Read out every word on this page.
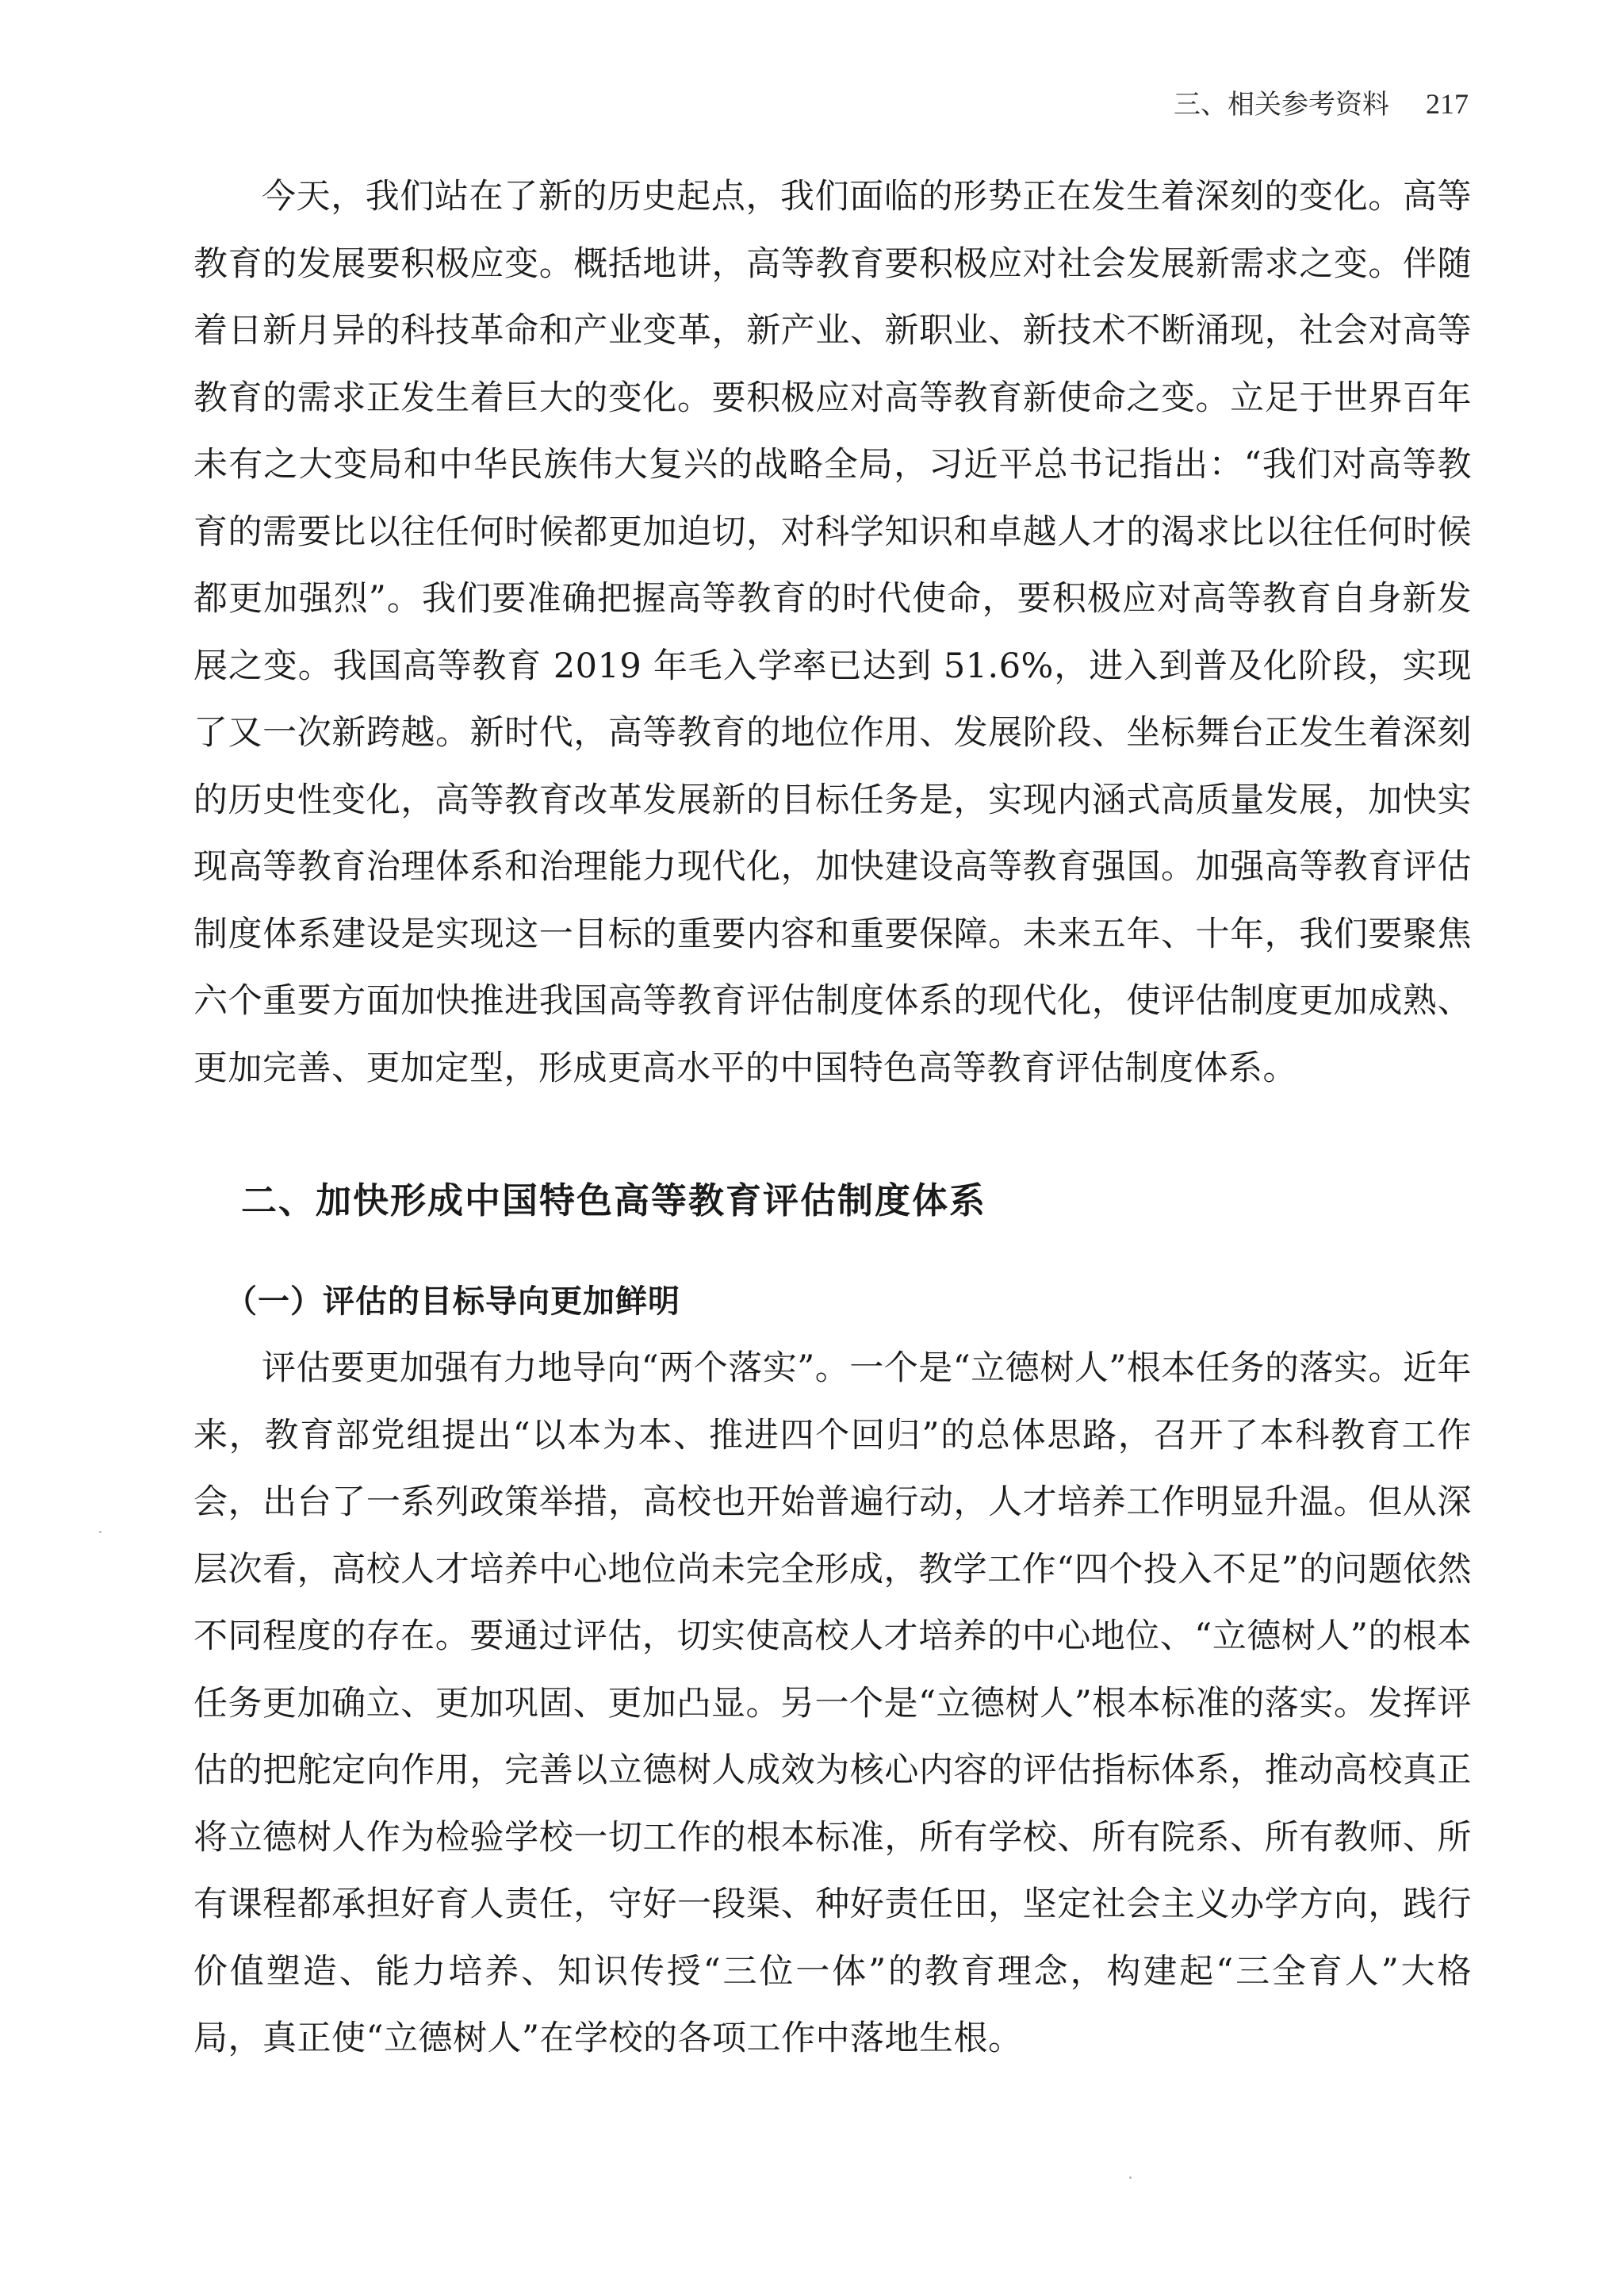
三、相关参考资料 217

今天，我们站在了新的历史起点，我们面临的形势正在发生着深刻的变化。高等教育的发展要积极应变。概括地讲，高等教育要积极应对社会发展新需求之变。伴随着日新月异的科技革命和产业变革，新产业、新职业、新技术不断涌现，社会对高等教育的需求正发生着巨大的变化。要积极应对高等教育新使命之变。立足于世界百年未有之大变局和中华民族伟大复兴的战略全局，习近平总书记指出：“我们对高等教育的需要比以往任何时候都更加迫切，对科学知识和卓越人才的渴求比以往任何时候都更加强烈”。我们要准确把握高等教育的时代使命，要积极应对高等教育自身新发展之变。我国高等教育 2019 年毛入学率已达到 51.6%，进入到普及化阶段，实现了又一次新跨越。新时代，高等教育的地位作用、发展阶段、坐标舞台正发生着深刻的历史性变化，高等教育改革发展新的目标任务是，实现内涵式高质量发展，加快实现高等教育治理体系和治理能力现代化，加快建设高等教育强国。加强高等教育评估制度体系建设是实现这一目标的重要内容和重要保障。未来五年、十年，我们要聚焦六个重要方面加快推进我国高等教育评估制度体系的现代化，使评估制度更加成熟、更加完善、更加定型，形成更高水平的中国特色高等教育评估制度体系。

二、加快形成中国特色高等教育评估制度体系
（一）评估的目标导向更加鲜明

评估要更加强有力地导向“两个落实”。一个是“立德树人”根本任务的落实。近年来，教育部党组提出“以本为本、推进四个回归”的总体思路，召开了本科教育工作会，出台了一系列政策举措，高校也开始普遍行动，人才培养工作明显升温。但从深层次看，高校人才培养中心地位尚未完全形成，教学工作“四个投入不足”的问题依然不同程度的存在。要通过评估，切实使高校人才培养的中心地位、“立德树人”的根本任务更加确立、更加巩固、更加凸显。另一个是“立德树人”根本标准的落实。发挥评估的把舵定向作用，完善以立德树人成效为核心内容的评估指标体系，推动高校真正将立德树人作为检验学校一切工作的根本标准，所有学校、所有院系、所有教师、所有课程都承担好育人责任，守好一段渠、种好责任田，坚定社会主义办学方向，践行价值塑造、能力培养、知识传授“三位一体”的教育理念，构建起“三全育人”大格局，真正使“立德树人”在学校的各项工作中落地生根。
